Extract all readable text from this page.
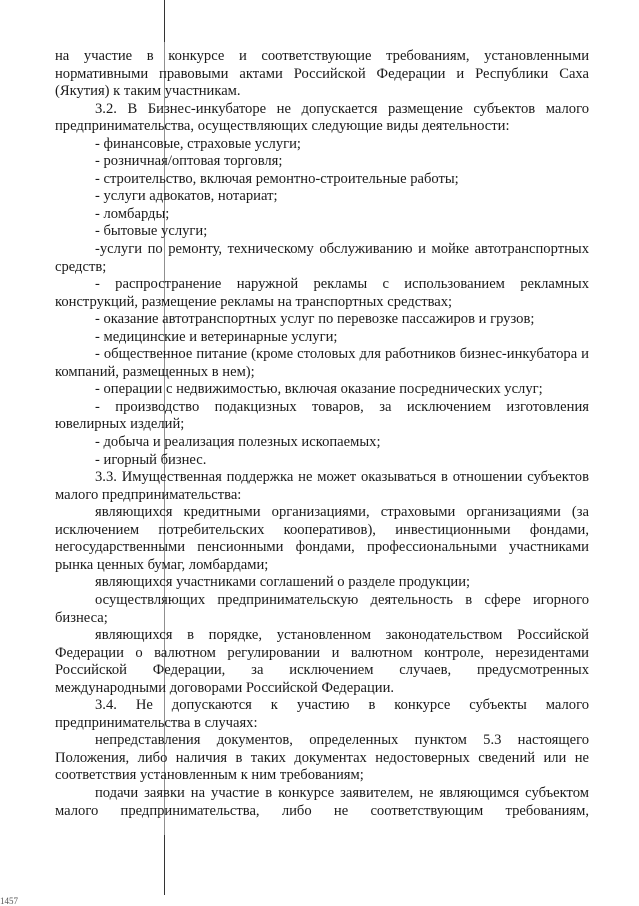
на участие в конкурсе и соответствующие требованиям, установленными нормативными правовыми актами Российской Федерации и Республики Саха (Якутия) к таким участникам.

3.2. В Бизнес-инкубаторе не допускается размещение субъектов малого предпринимательства, осуществляющих следующие виды деятельности:

- финансовые, страховые услуги;

- розничная/оптовая торговля;

- строительство, включая ремонтно-строительные работы;

- услуги адвокатов, нотариат;

- ломбарды;

- бытовые услуги;

-услуги по ремонту, техническому обслуживанию и мойке автотранспортных средств;

- распространение наружной рекламы с использованием рекламных конструкций, размещение рекламы на транспортных средствах;

- оказание автотранспортных услуг по перевозке пассажиров и грузов;

- медицинские и ветеринарные услуги;

- общественное питание (кроме столовых для работников бизнес-инкубатора и компаний, размещенных в нем);

- операции с недвижимостью, включая оказание посреднических услуг;

- производство подакцизных товаров, за исключением изготовления ювелирных изделий;

- добыча и реализация полезных ископаемых;

- игорный бизнес.

3.3. Имущественная поддержка не может оказываться в отношении субъектов малого предпринимательства:

являющихся кредитными организациями, страховыми организациями (за исключением потребительских кооперативов), инвестиционными фондами, негосударственными пенсионными фондами, профессиональными участниками рынка ценных бумаг, ломбардами;

являющихся участниками соглашений о разделе продукции;

осуществляющих предпринимательскую деятельность в сфере игорного бизнеса;

являющихся в порядке, установленном законодательством Российской Федерации о валютном регулировании и валютном контроле, нерезидентами Российской Федерации, за исключением случаев, предусмотренных международными договорами Российской Федерации.

3.4. Не допускаются к участию в конкурсе субъекты малого предпринимательства в случаях:

непредставления документов, определенных пунктом 5.3 настоящего Положения, либо наличия в таких документах недостоверных сведений или не соответствия установленным к ним требованиям;

подачи заявки на участие в конкурсе заявителем, не являющимся субъектом малого предпринимательства, либо не соответствующим требованиям,

1457
